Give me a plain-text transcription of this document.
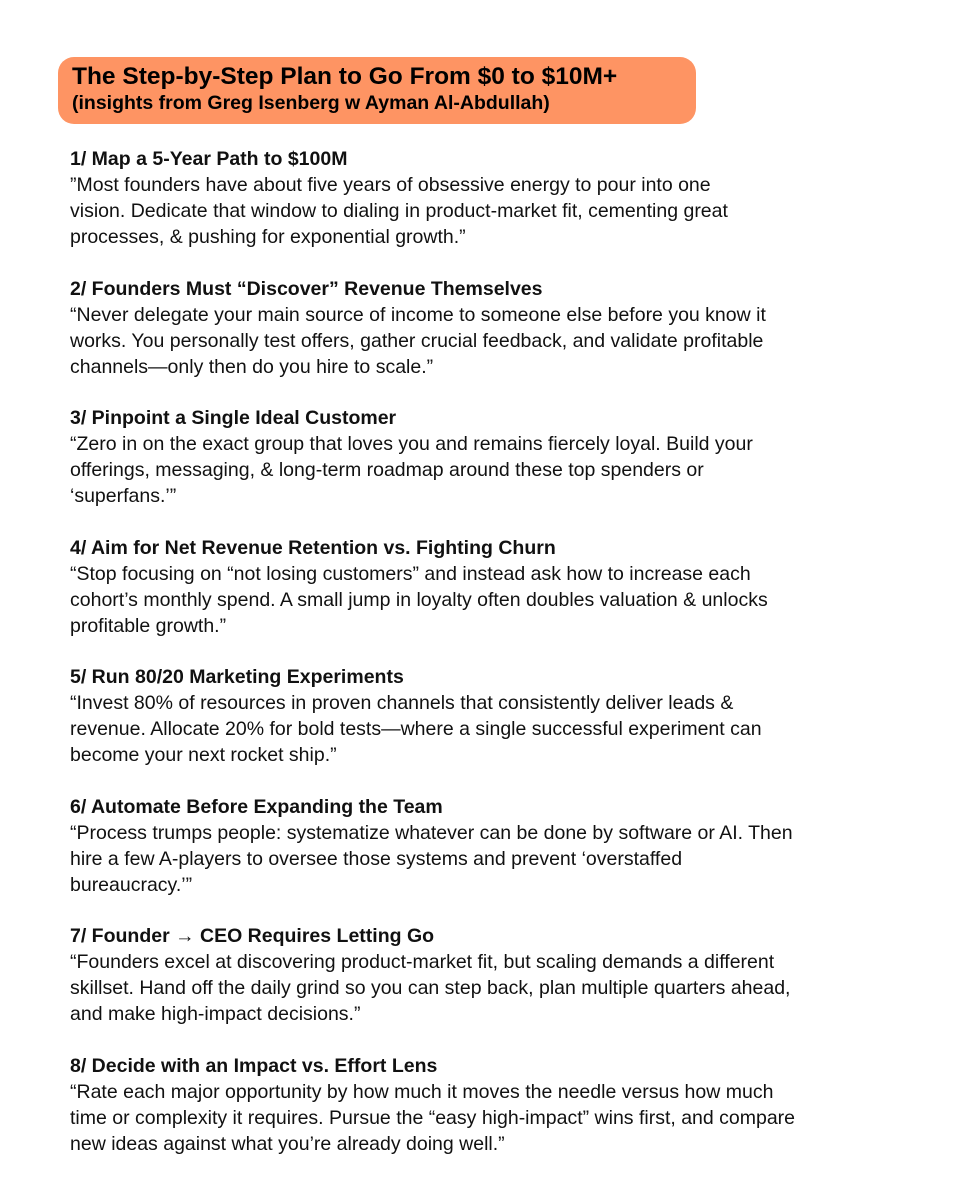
The Step-by-Step Plan to Go From $0 to $10M+
(insights from Greg Isenberg w Ayman Al-Abdullah)
1/ Map a 5-Year Path to $100M
”Most founders have about five years of obsessive energy to pour into one
vision. Dedicate that window to dialing in product-market fit, cementing great
processes, & pushing for exponential growth.”
2/ Founders Must “Discover” Revenue Themselves
“Never delegate your main source of income to someone else before you know it
works. You personally test offers, gather crucial feedback, and validate profitable
channels—only then do you hire to scale.”
3/ Pinpoint a Single Ideal Customer
“Zero in on the exact group that loves you and remains fiercely loyal. Build your
offerings, messaging, & long-term roadmap around these top spenders or
‘superfans.’”
4/ Aim for Net Revenue Retention vs. Fighting Churn
“Stop focusing on “not losing customers” and instead ask how to increase each
cohort’s monthly spend. A small jump in loyalty often doubles valuation & unlocks
profitable growth.”
5/ Run 80/20 Marketing Experiments
“Invest 80% of resources in proven channels that consistently deliver leads &
revenue. Allocate 20% for bold tests—where a single successful experiment can
become your next rocket ship.”
6/ Automate Before Expanding the Team
“Process trumps people: systematize whatever can be done by software or AI. Then
hire a few A-players to oversee those systems and prevent ‘overstaffed
bureaucracy.’”
7/ Founder → CEO Requires Letting Go
“Founders excel at discovering product-market fit, but scaling demands a different
skillset. Hand off the daily grind so you can step back, plan multiple quarters ahead,
and make high-impact decisions.”
8/ Decide with an Impact vs. Effort Lens
“Rate each major opportunity by how much it moves the needle versus how much
time or complexity it requires. Pursue the “easy high-impact” wins first, and compare
new ideas against what you’re already doing well.”
